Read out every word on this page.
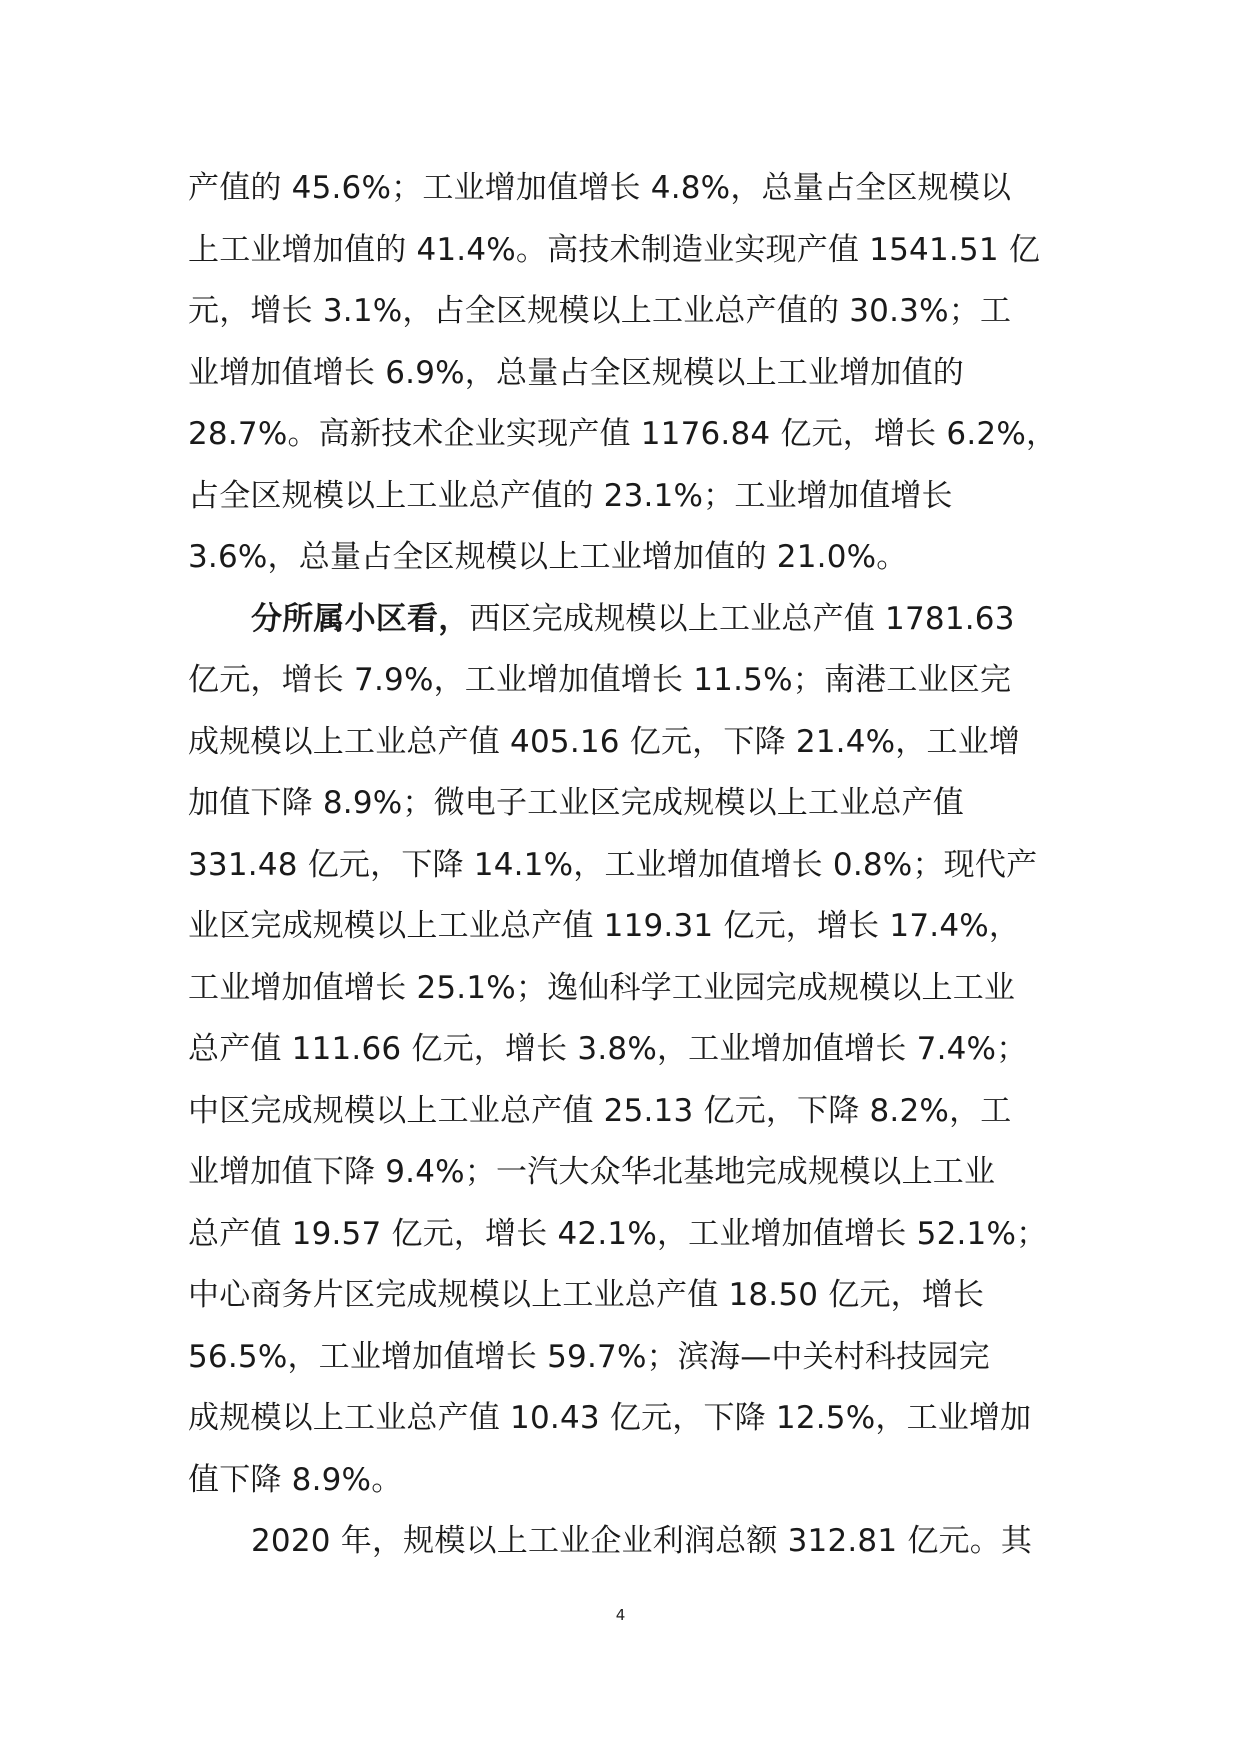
产值的 45.6%；工业增加值增长 4.8%，总量占全区规模以
上工业增加值的 41.4%。高技术制造业实现产值 1541.51 亿
元，增长 3.1%，占全区规模以上工业总产值的 30.3%；工
业增加值增长 6.9%，总量占全区规模以上工业增加值的
28.7%。高新技术企业实现产值 1176.84 亿元，增长 6.2%，
占全区规模以上工业总产值的 23.1%；工业增加值增长
3.6%，总量占全区规模以上工业增加值的 21.0%。
分所属小区看，西区完成规模以上工业总产值 1781.63
亿元，增长 7.9%，工业增加值增长 11.5%；南港工业区完
成规模以上工业总产值 405.16 亿元，下降 21.4%，工业增
加值下降 8.9%；微电子工业区完成规模以上工业总产值
331.48 亿元，下降 14.1%，工业增加值增长 0.8%；现代产
业区完成规模以上工业总产值 119.31 亿元，增长 17.4%，
工业增加值增长 25.1%；逸仙科学工业园完成规模以上工业
总产值 111.66 亿元，增长 3.8%，工业增加值增长 7.4%；
中区完成规模以上工业总产值 25.13 亿元，下降 8.2%，工
业增加值下降 9.4%；一汽大众华北基地完成规模以上工业
总产值 19.57 亿元，增长 42.1%，工业增加值增长 52.1%；
中心商务片区完成规模以上工业总产值 18.50 亿元，增长
56.5%，工业增加值增长 59.7%；滨海—中关村科技园完
成规模以上工业总产值 10.43 亿元，下降 12.5%，工业增加
值下降 8.9%。
2020 年，规模以上工业企业利润总额 312.81 亿元。其
4
